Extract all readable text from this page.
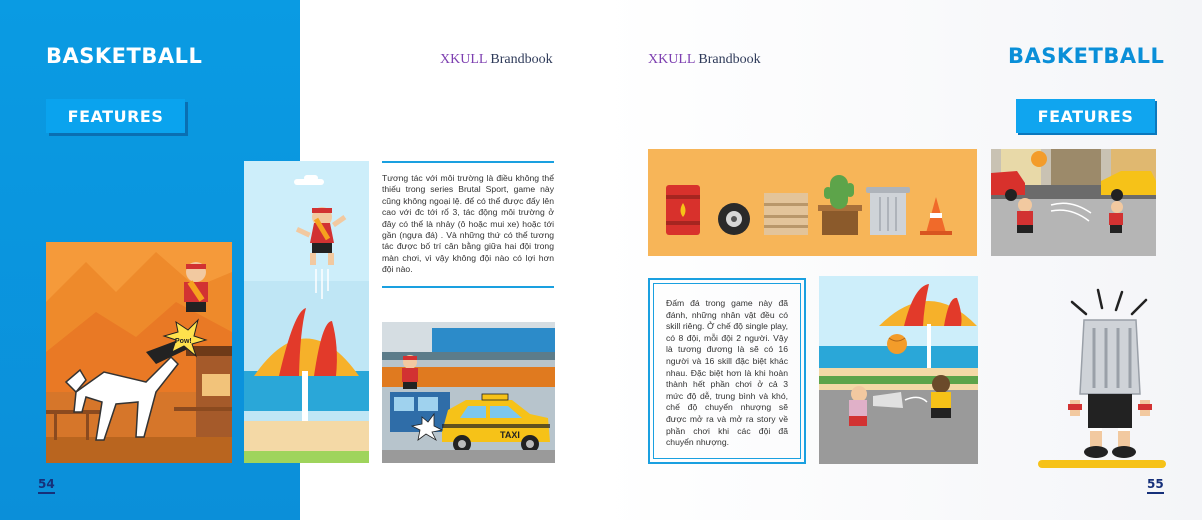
BASKETBALL
FEATURES
XKULL Brandbook	XKULL Brandbook	BASKETBALL
FEATURES
Pow!

Tương tác với môi trường là điều không thể thiếu trong series Brutal Sport, game này cũng không ngoại lệ. để có thể được đẩy lên cao với đc tới rổ 3, tác động môi trường ở đây có thể là nhảy (ô hoặc mui xe) hoặc tới gần (ngựa đá) . Và những thứ có thể tương tác được bố trí cân bằng giữa hai đội trong màn chơi, vì vậy không đội nào có lợi hơn đội nào.

TAXI

Đấm đá trong game này đã đánh, những nhân vật đều có skill riêng. Ở chế độ single play, có 8 đội, mỗi đội 2 người. Vậy là tương đương là sẽ có 16 người và 16 skill đặc biệt khác nhau. Đặc biệt hơn là khi hoàn thành hết phần chơi ở cả 3 mức độ dễ, trung bình và khó, chế độ chuyển nhượng sẽ được mở ra và mở ra story về phần chơi khi các đội đã chuyển nhượng.

54	55
